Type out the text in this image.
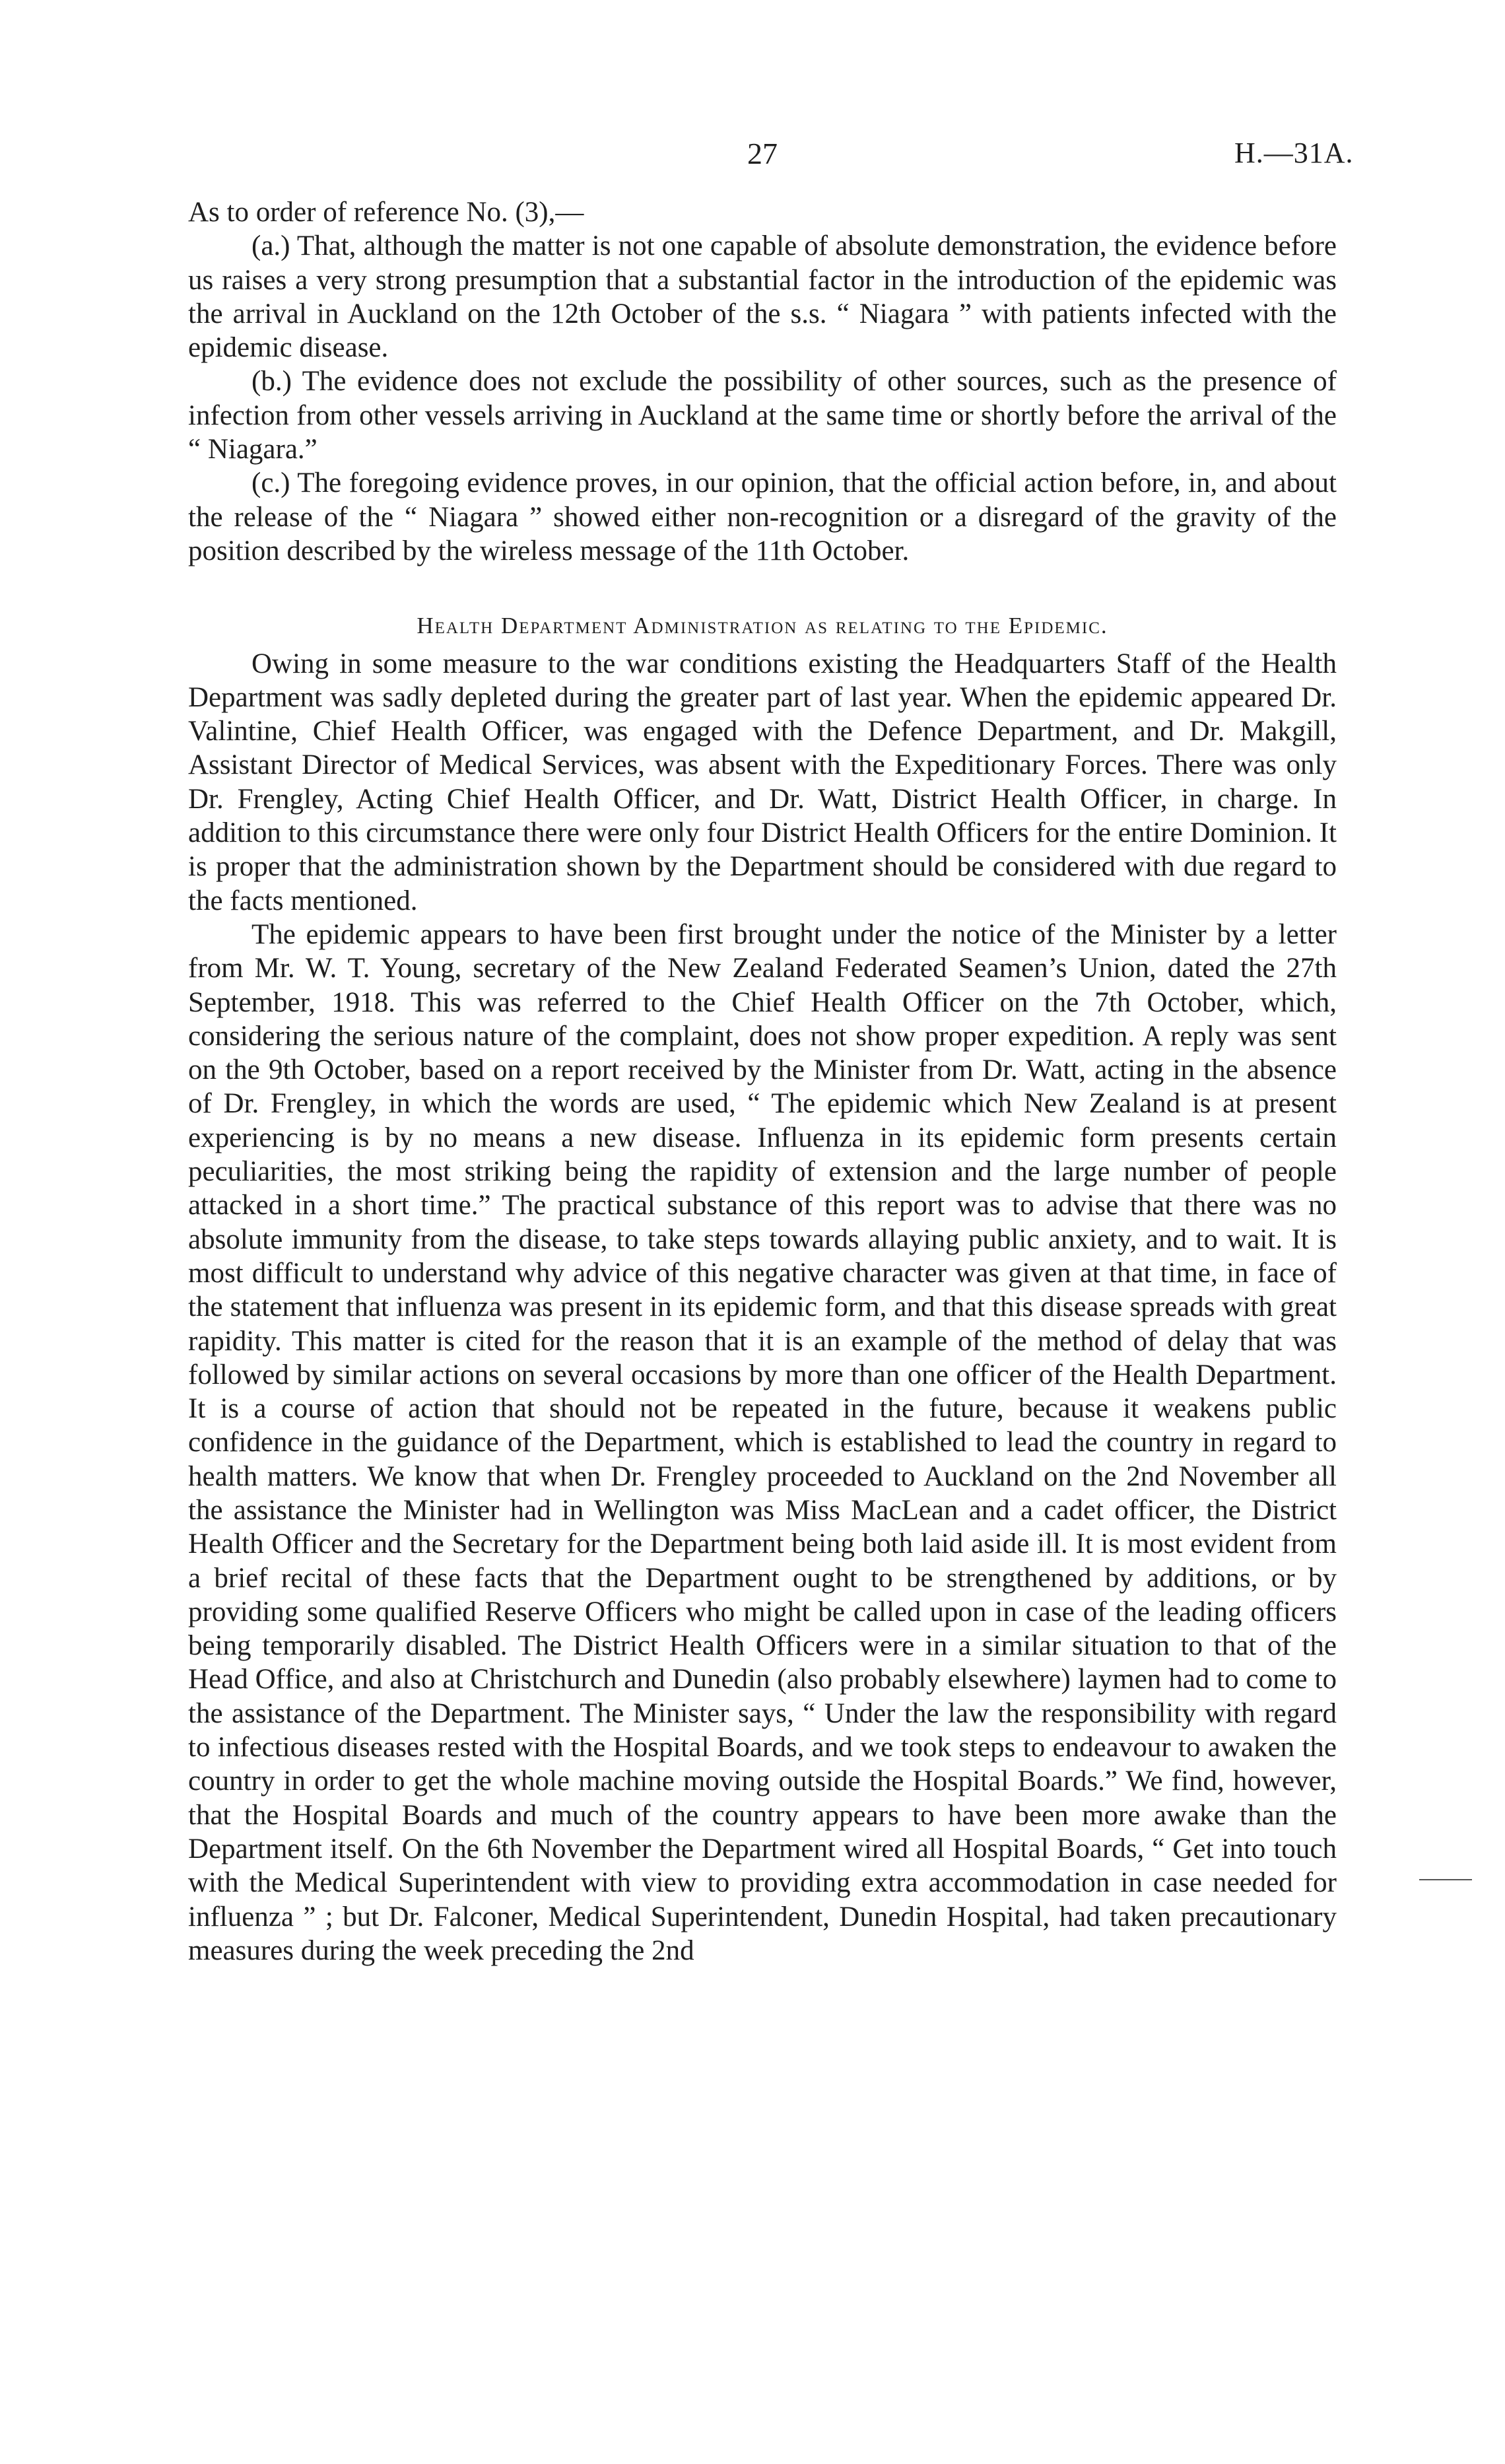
27	H.—31A.

As to order of reference No. (3),—

(a.) That, although the matter is not one capable of absolute demonstration, the evidence before us raises a very strong presumption that a substantial factor in the introduction of the epidemic was the arrival in Auckland on the 12th October of the s.s. “ Niagara ” with patients infected with the epidemic disease.

(b.) The evidence does not exclude the possibility of other sources, such as the presence of infection from other vessels arriving in Auckland at the same time or shortly before the arrival of the “ Niagara.”

(c.) The foregoing evidence proves, in our opinion, that the official action before, in, and about the release of the “ Niagara ” showed either non-recognition or a disregard of the gravity of the position described by the wireless message of the 11th October.

Health Department Administration as relating to the Epidemic.

Owing in some measure to the war conditions existing the Headquarters Staff of the Health Department was sadly depleted during the greater part of last year. When the epidemic appeared Dr. Valintine, Chief Health Officer, was engaged with the Defence Department, and Dr. Makgill, Assistant Director of Medical Services, was absent with the Expeditionary Forces. There was only Dr. Frengley, Acting Chief Health Officer, and Dr. Watt, District Health Officer, in charge. In addition to this circumstance there were only four District Health Officers for the entire Dominion. It is proper that the administration shown by the Department should be considered with due regard to the facts mentioned.

The epidemic appears to have been first brought under the notice of the Minister by a letter from Mr. W. T. Young, secretary of the New Zealand Federated Seamen’s Union, dated the 27th September, 1918. This was referred to the Chief Health Officer on the 7th October, which, considering the serious nature of the complaint, does not show proper expedition. A reply was sent on the 9th October, based on a report received by the Minister from Dr. Watt, acting in the absence of Dr. Frengley, in which the words are used, “ The epidemic which New Zealand is at present experiencing is by no means a new disease. Influenza in its epidemic form presents certain peculiarities, the most striking being the rapidity of extension and the large number of people attacked in a short time.” The practical substance of this report was to advise that there was no absolute immunity from the disease, to take steps towards allaying public anxiety, and to wait. It is most difficult to understand why advice of this negative character was given at that time, in face of the statement that influenza was present in its epidemic form, and that this disease spreads with great rapidity. This matter is cited for the reason that it is an example of the method of delay that was followed by similar actions on several occasions by more than one officer of the Health Department. It is a course of action that should not be repeated in the future, because it weakens public confidence in the guidance of the Department, which is established to lead the country in regard to health matters. We know that when Dr. Frengley proceeded to Auckland on the 2nd November all the assistance the Minister had in Wellington was Miss MacLean and a cadet officer, the District Health Officer and the Secretary for the Department being both laid aside ill. It is most evident from a brief recital of these facts that the Department ought to be strengthened by additions, or by providing some qualified Reserve Officers who might be called upon in case of the leading officers being temporarily disabled. The District Health Officers were in a similar situation to that of the Head Office, and also at Christchurch and Dunedin (also probably elsewhere) laymen had to come to the assistance of the Department. The Minister says, “ Under the law the responsibility with regard to infectious diseases rested with the Hospital Boards, and we took steps to endeavour to awaken the country in order to get the whole machine moving outside the Hospital Boards.” We find, however, that the Hospital Boards and much of the country appears to have been more awake than the Department itself. On the 6th November the Department wired all Hospital Boards, “ Get into touch with the Medical Superintendent with view to providing extra accommodation in case needed for influenza ” ; but Dr. Falconer, Medical Superintendent, Dunedin Hospital, had taken precautionary measures during the week preceding the 2nd
